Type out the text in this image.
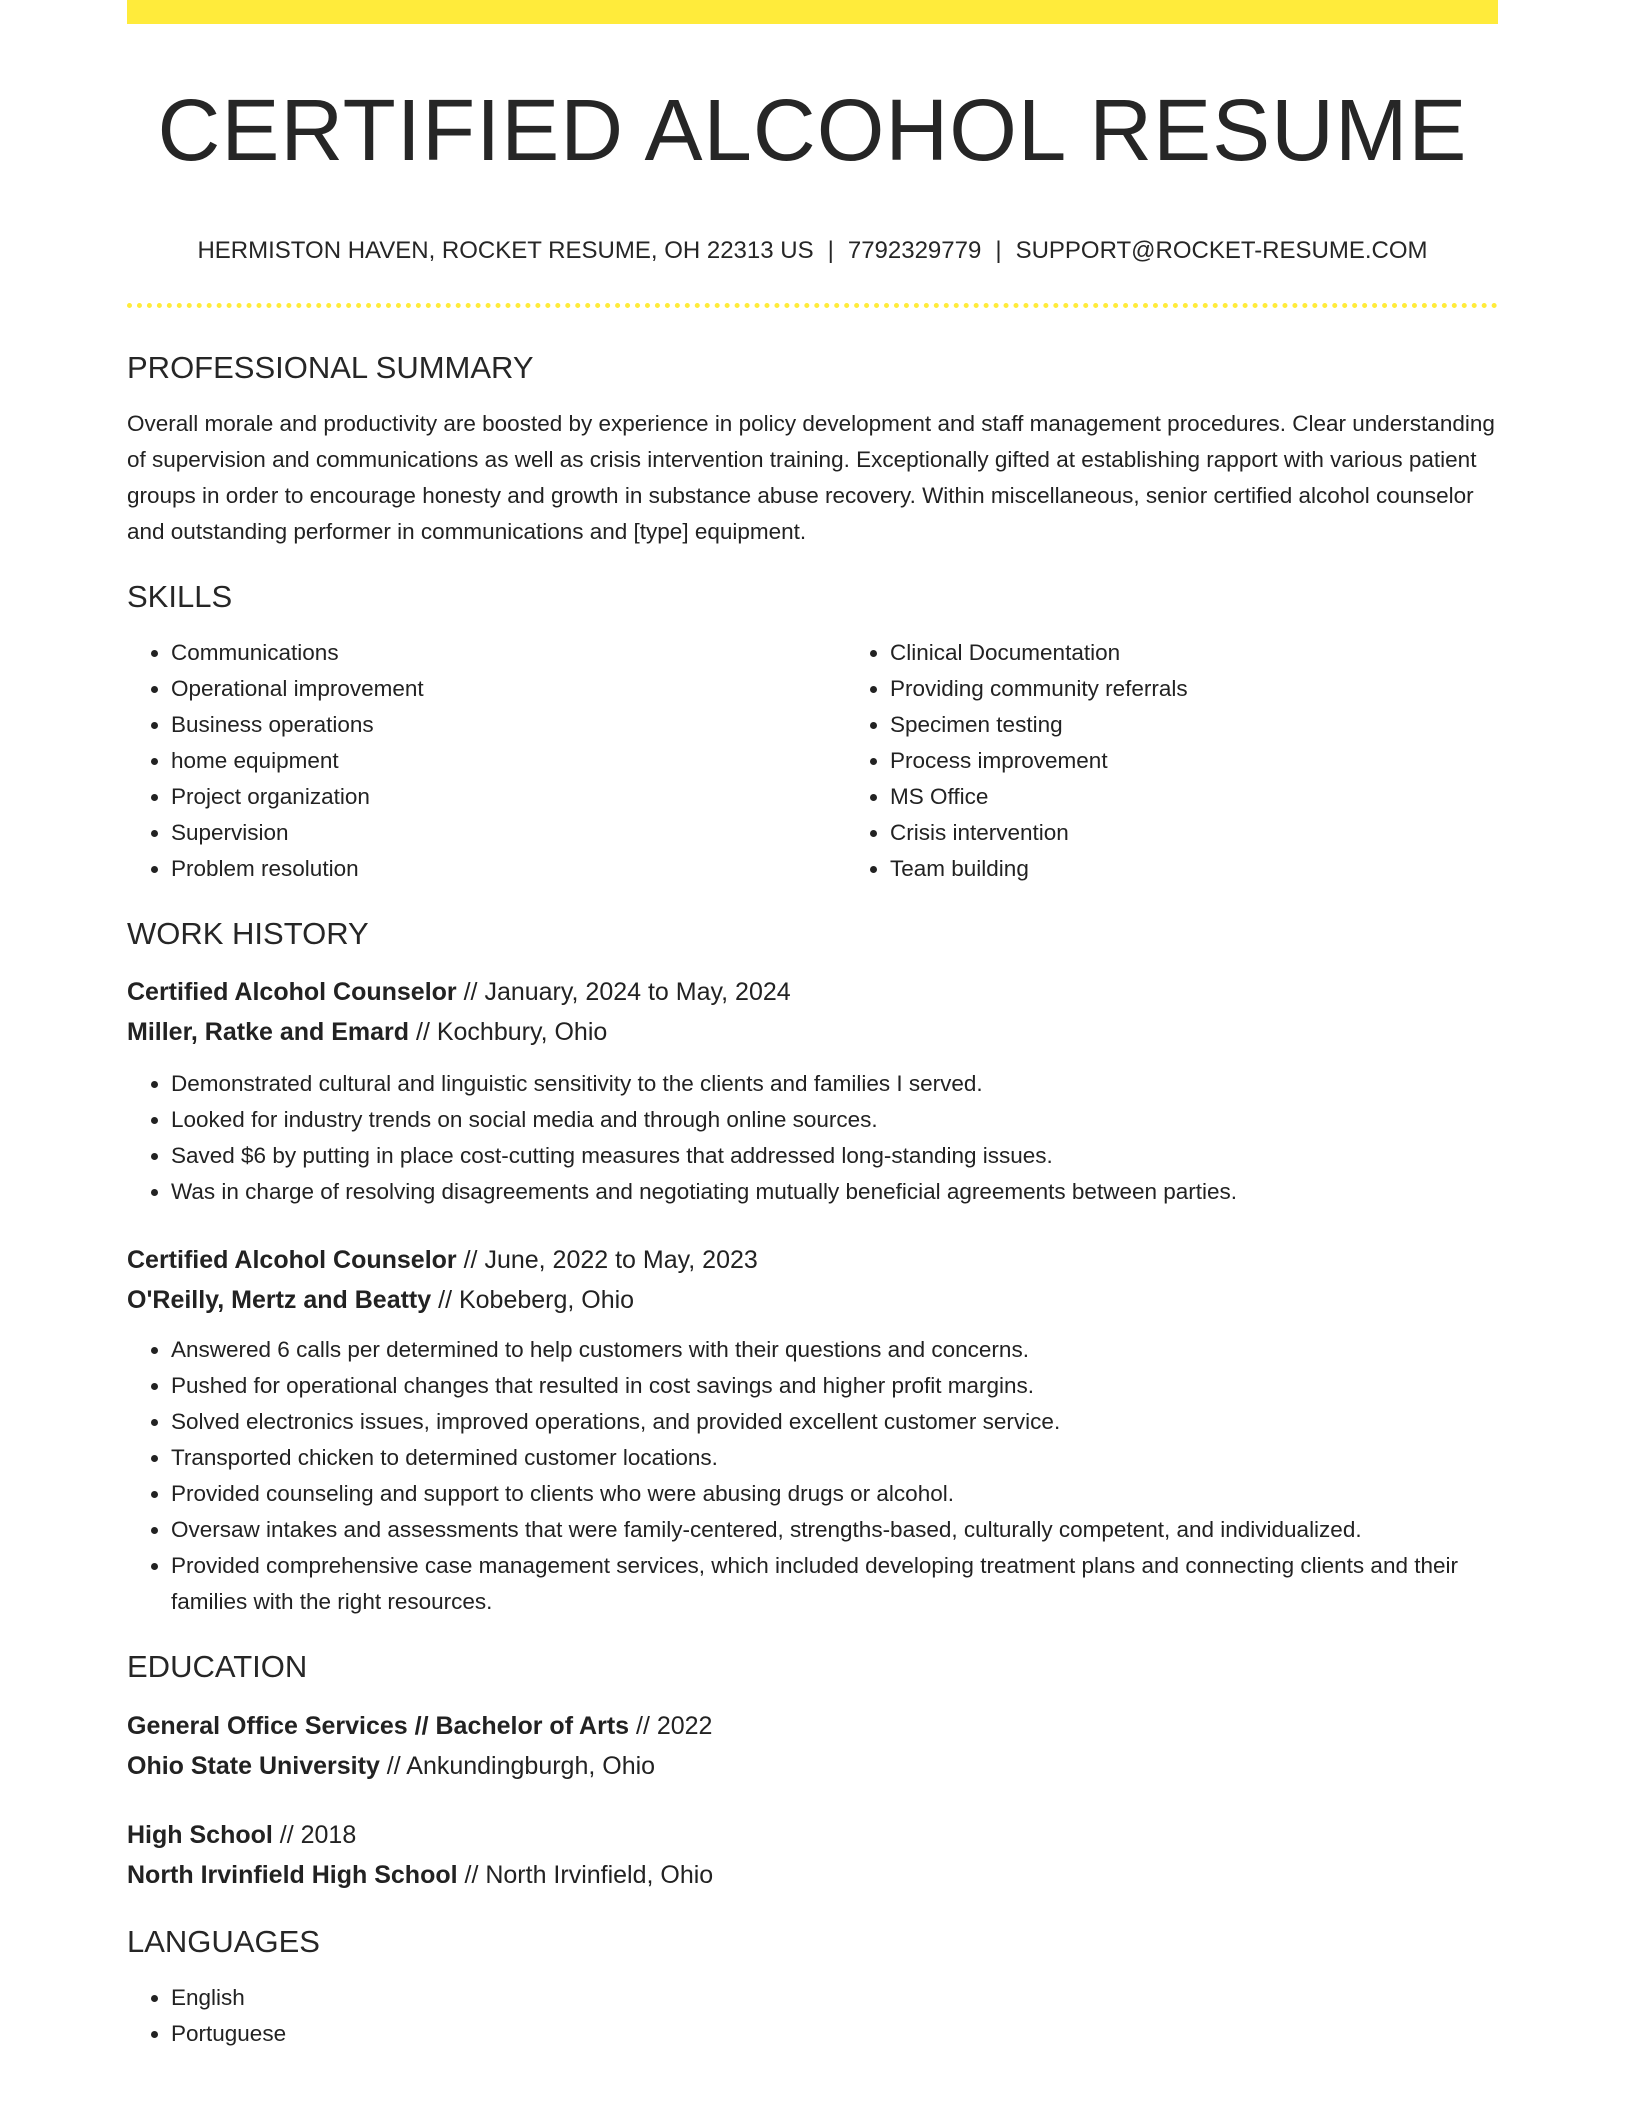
CERTIFIED ALCOHOL RESUME
HERMISTON HAVEN, ROCKET RESUME, OH 22313 US | 7792329779 | SUPPORT@ROCKET-RESUME.COM
PROFESSIONAL SUMMARY

Overall morale and productivity are boosted by experience in policy development and staff management procedures. Clear understanding of supervision and communications as well as crisis intervention training. Exceptionally gifted at establishing rapport with various patient groups in order to encourage honesty and growth in substance abuse recovery. Within miscellaneous, senior certified alcohol counselor and outstanding performer in communications and [type] equipment.

SKILLS
• Communications
• Operational improvement
• Business operations
• home equipment
• Project organization
• Supervision
• Problem resolution
• Clinical Documentation
• Providing community referrals
• Specimen testing
• Process improvement
• MS Office
• Crisis intervention
• Team building
WORK HISTORY

Certified Alcohol Counselor // January, 2024 to May, 2024

Miller, Ratke and Emard // Kochbury, Ohio

• Demonstrated cultural and linguistic sensitivity to the clients and families I served.
• Looked for industry trends on social media and through online sources.
• Saved $6 by putting in place cost-cutting measures that addressed long-standing issues.
• Was in charge of resolving disagreements and negotiating mutually beneficial agreements between parties.

Certified Alcohol Counselor // June, 2022 to May, 2023

O'Reilly, Mertz and Beatty // Kobeberg, Ohio

• Answered 6 calls per determined to help customers with their questions and concerns.
• Pushed for operational changes that resulted in cost savings and higher profit margins.
• Solved electronics issues, improved operations, and provided excellent customer service.
• Transported chicken to determined customer locations.
• Provided counseling and support to clients who were abusing drugs or alcohol.
• Oversaw intakes and assessments that were family-centered, strengths-based, culturally competent, and individualized.
• Provided comprehensive case management services, which included developing treatment plans and connecting clients and their families with the right resources.
EDUCATION

General Office Services // Bachelor of Arts // 2022

Ohio State University // Ankundingburgh, Ohio

High School // 2018

North Irvinfield High School // North Irvinfield, Ohio

LANGUAGES
• English
• Portuguese
